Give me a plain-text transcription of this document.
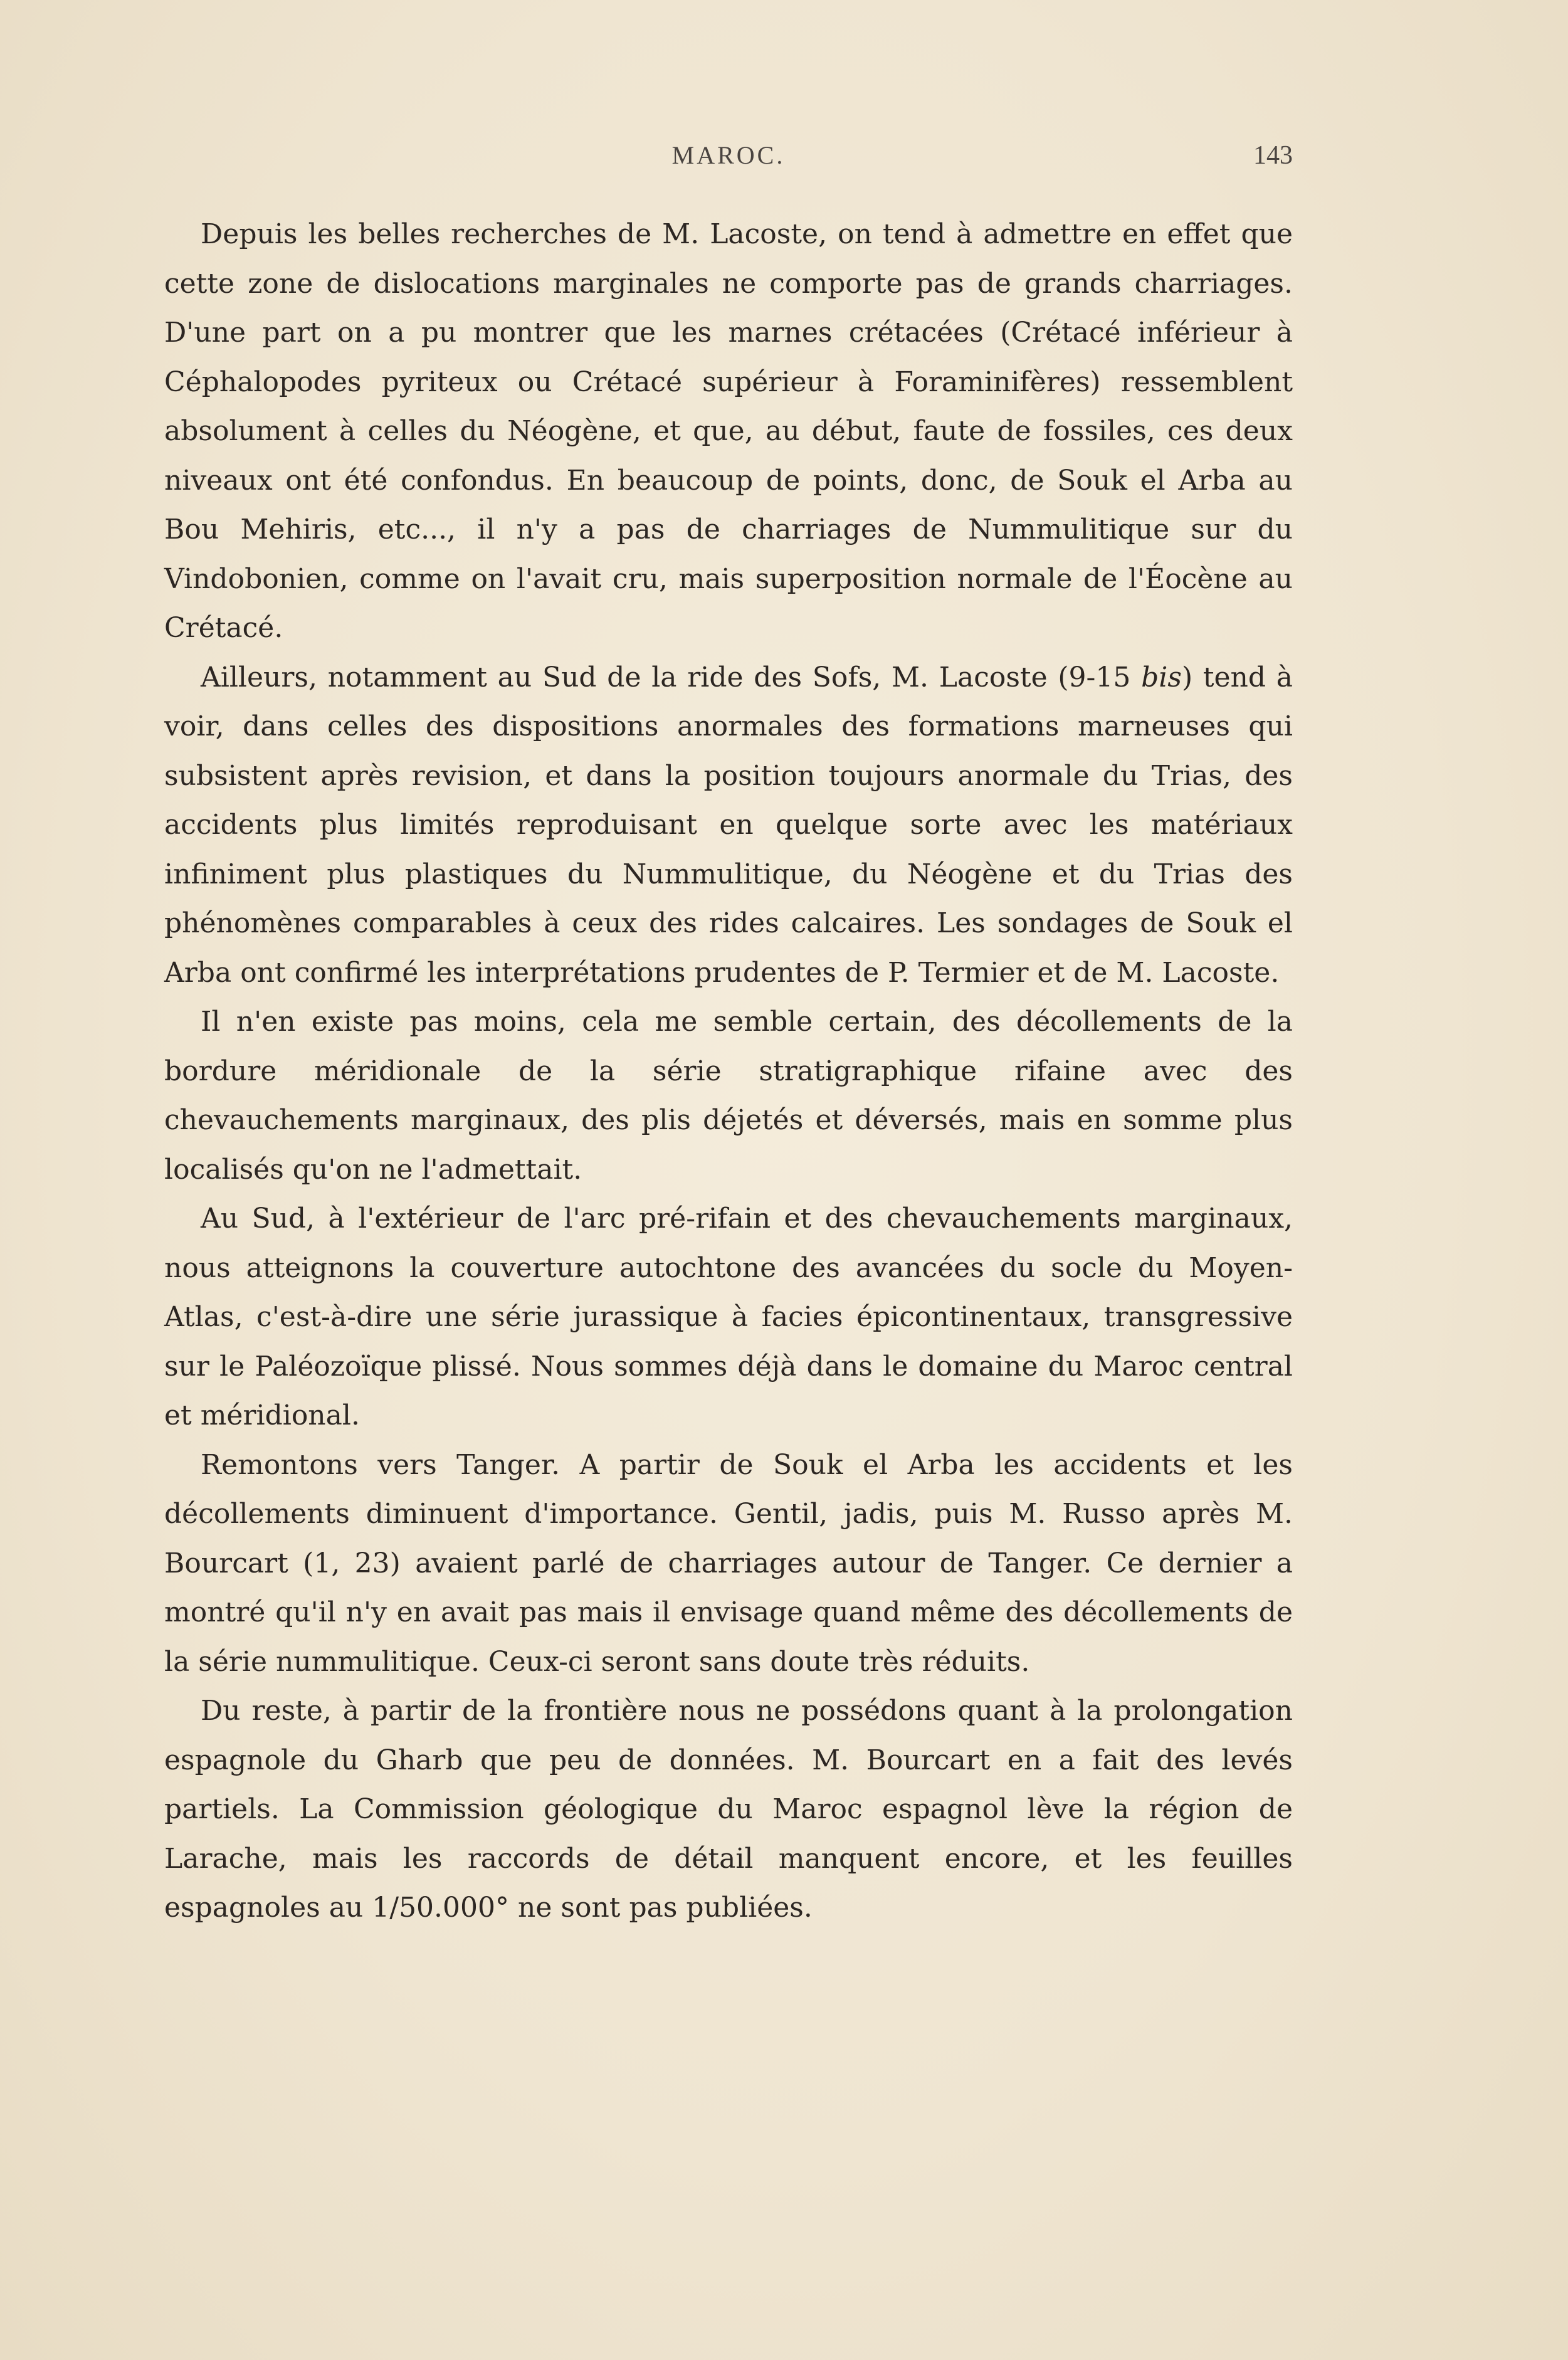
MAROC.	143

Depuis les belles recherches de M. Lacoste, on tend à admettre en effet que cette zone de dislocations marginales ne comporte pas de grands charriages. D'une part on a pu montrer que les marnes crétacées (Crétacé inférieur à Céphalopodes pyriteux ou Crétacé supérieur à Foraminifères) ressemblent absolument à celles du Néogène, et que, au début, faute de fossiles, ces deux niveaux ont été confondus. En beaucoup de points, donc, de Souk el Arba au Bou Mehiris, etc..., il n'y a pas de charriages de Nummulitique sur du Vindobonien, comme on l'avait cru, mais superposition normale de l'Éocène au Crétacé.

Ailleurs, notamment au Sud de la ride des Sofs, M. Lacoste (9-15 bis) tend à voir, dans celles des dispositions anormales des formations marneuses qui subsistent après revision, et dans la position toujours anormale du Trias, des accidents plus limités reproduisant en quelque sorte avec les matériaux infiniment plus plastiques du Nummulitique, du Néogène et du Trias des phénomènes comparables à ceux des rides calcaires. Les sondages de Souk el Arba ont confirmé les interprétations prudentes de P. Termier et de M. Lacoste.

Il n'en existe pas moins, cela me semble certain, des décollements de la bordure méridionale de la série stratigraphique rifaine avec des chevauchements marginaux, des plis déjetés et déversés, mais en somme plus localisés qu'on ne l'admettait.

Au Sud, à l'extérieur de l'arc pré-rifain et des chevauchements marginaux, nous atteignons la couverture autochtone des avancées du socle du Moyen-Atlas, c'est-à-dire une série jurassique à facies épicontinentaux, transgressive sur le Paléozoïque plissé. Nous sommes déjà dans le domaine du Maroc central et méridional.

Remontons vers Tanger. A partir de Souk el Arba les accidents et les décollements diminuent d'importance. Gentil, jadis, puis M. Russo après M. Bourcart (1, 23) avaient parlé de charriages autour de Tanger. Ce dernier a montré qu'il n'y en avait pas mais il envisage quand même des décollements de la série nummulitique. Ceux-ci seront sans doute très réduits.

Du reste, à partir de la frontière nous ne possédons quant à la prolongation espagnole du Gharb que peu de données. M. Bourcart en a fait des levés partiels. La Commission géologique du Maroc espagnol lève la région de Larache, mais les raccords de détail manquent encore, et les feuilles espagnoles au 1/50.000° ne sont pas publiées.
